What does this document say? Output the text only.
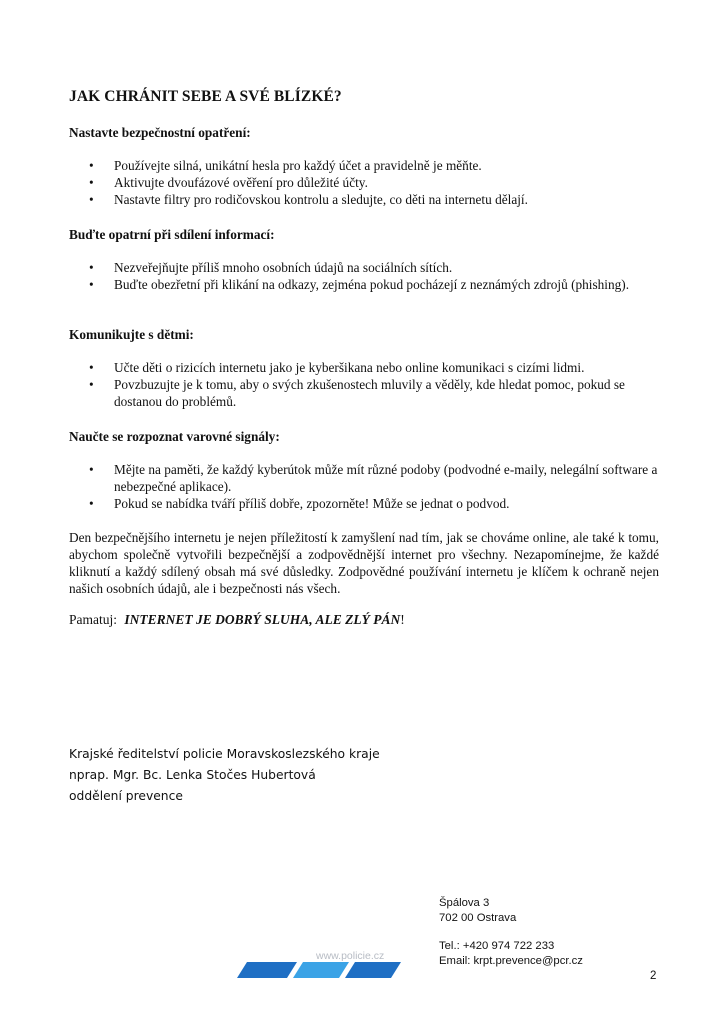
JAK CHRÁNIT SEBE A SVÉ BLÍZKÉ?
Nastavte bezpečnostní opatření:
• Používejte silná, unikátní hesla pro každý účet a pravidelně je měňte.
• Aktivujte dvoufázové ověření pro důležité účty.
• Nastavte filtry pro rodičovskou kontrolu a sledujte, co děti na internetu dělají.
Buďte opatrní při sdílení informací:
• Nezveřejňujte příliš mnoho osobních údajů na sociálních sítích.
• Buďte obezřetní při klikání na odkazy, zejména pokud pocházejí z neznámých zdrojů (phishing).
Komunikujte s dětmi:
• Učte děti o rizicích internetu jako je kyberšikana nebo online komunikaci s cizími lidmi.
• Povzbuzujte je k tomu, aby o svých zkušenostech mluvily a věděly, kde hledat pomoc, pokud se dostanou do problémů.
Naučte se rozpoznat varovné signály:
• Mějte na paměti, že každý kyberútok může mít různé podoby (podvodné e-maily, nelegální software a nebezpečné aplikace).
• Pokud se nabídka tváří příliš dobře, zpozorněte! Může se jednat o podvod.

Den bezpečnějšího internetu je nejen příležitostí k zamyšlení nad tím, jak se chováme online, ale také k tomu, abychom společně vytvořili bezpečnější a zodpovědnější internet pro všechny. Nezapomínejme, že každé kliknutí a každý sdílený obsah má své důsledky. Zodpovědné používání internetu je klíčem k ochraně nejen našich osobních údajů, ale i bezpečnosti nás všech.

Pamatuj: INTERNET JE DOBRÝ SLUHA, ALE ZLÝ PÁN!

Krajské ředitelství policie Moravskoslezského kraje
nprap. Mgr. Bc. Lenka Stočes Hubertová
oddělení prevence
Špálova 3
702 00 Ostrava
Tel.: +420 974 722 233
Email: krpt.prevence@pcr.cz
www.policie.cz
2
